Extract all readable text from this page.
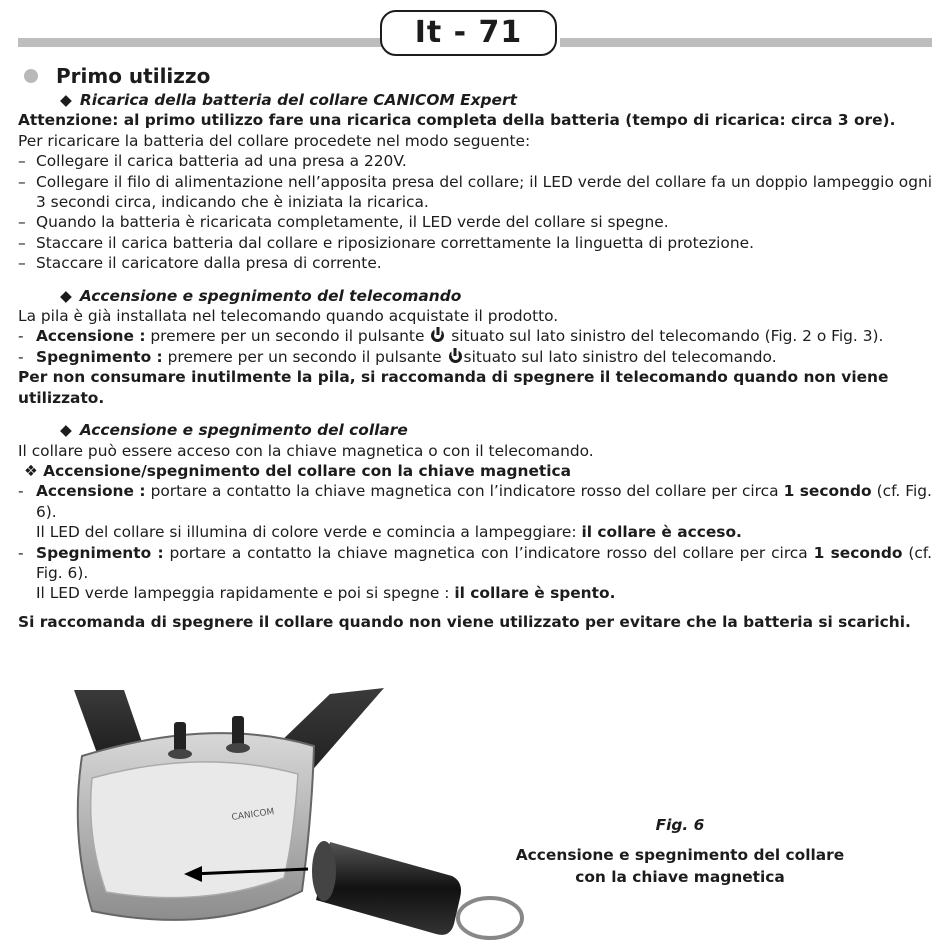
It - 71
Primo utilizzo
◆ Ricarica della batteria del collare CANICOM Expert

Attenzione: al primo utilizzo fare una ricarica completa della batteria (tempo di ricarica: circa 3 ore).

Per ricaricare la batteria del collare procedete nel modo seguente:

– Collegare il carica batteria ad una presa a 220V.
– Collegare il filo di alimentazione nell’apposita presa del collare; il LED verde del collare fa un doppio lampeggio ogni 3 secondi circa, indicando che è iniziata la ricarica.
– Quando la batteria è ricaricata completamente, il LED verde del collare si spegne.
– Staccare il carica batteria dal collare e riposizionare correttamente la linguetta di protezione.
– Staccare il caricatore dalla presa di corrente.
◆ Accensione e spegnimento del telecomando

La pila è già installata nel telecomando quando acquistate il prodotto.

- Accensione : premere per un secondo il pulsante situato sul lato sinistro del telecomando (Fig. 2 o Fig. 3).
- Spegnimento : premere per un secondo il pulsante situato sul lato sinistro del telecomando.

Per non consumare inutilmente la pila, si raccomanda di spegnere il telecomando quando non viene utilizzato.

◆ Accensione e spegnimento del collare

Il collare può essere acceso con la chiave magnetica o con il telecomando.

❖ Accensione/spegnimento del collare con la chiave magnetica

- Accensione : portare a contatto la chiave magnetica con l’indicatore rosso del collare per circa 1 secondo (cf. Fig. 6).

Il LED del collare si illumina di colore verde e comincia a lampeggiare: il collare è acceso.

- Spegnimento : portare a contatto la chiave magnetica con l’indicatore rosso del collare per circa 1 secondo (cf. Fig. 6).

Il LED verde lampeggia rapidamente e poi si spegne : il collare è spento.

Si raccomanda di spegnere il collare quando non viene utilizzato per evitare che la batteria si scarichi.

CANICOM
Fig. 6
Accensione e spegnimento del collare
con la chiave magnetica
